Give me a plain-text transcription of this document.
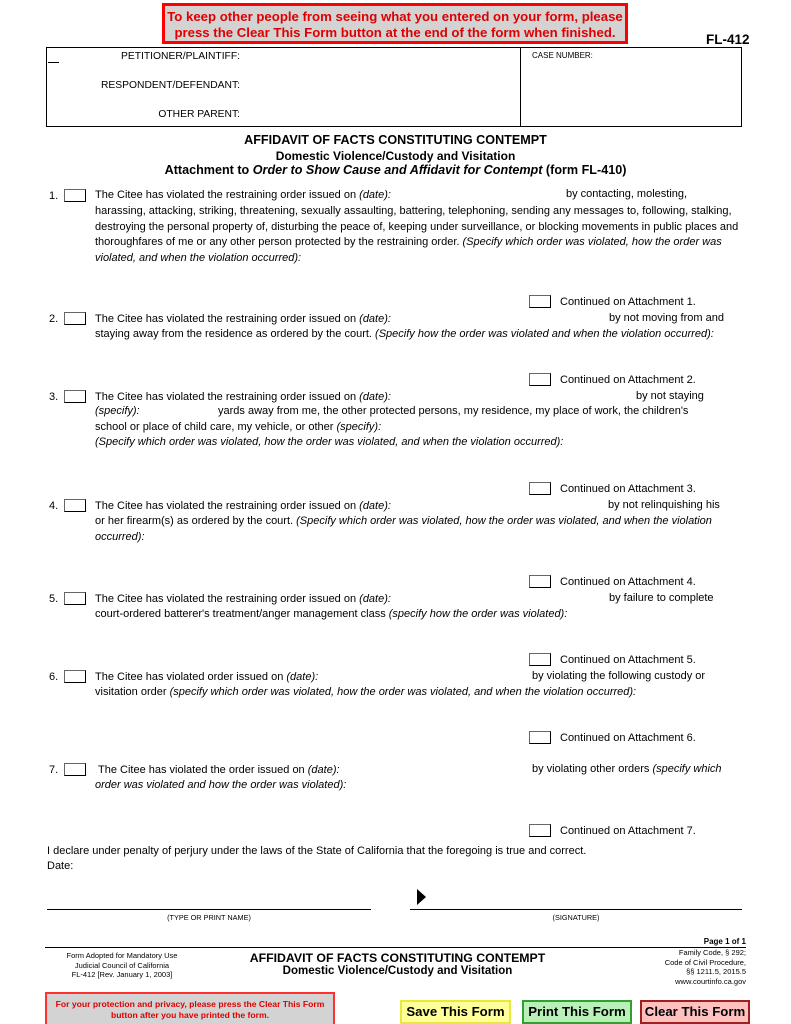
To keep other people from seeing what you entered on your form, please
press the Clear This Form button at the end of the form when finished.	FL-412
PETITIONER/PLAINTIFF:
RESPONDENT/DEFENDANT:
OTHER PARENT:
CASE NUMBER:
AFFIDAVIT OF FACTS CONSTITUTING CONTEMPT
Domestic Violence/Custody and Visitation
Attachment to Order to Show Cause and Affidavit for Contempt (form FL-410)
1.	The Citee has violated the restraining order issued on (date):	by contacting, molesting,
harassing, attacking, striking, threatening, sexually assaulting, battering, telephoning, sending any messages to, following, stalking, destroying the personal property of, disturbing the peace of, keeping under surveillance, or blocking movements in public places and thoroughfares of me or any other person protected by the restraining order. (Specify which order was violated, how the order was violated, and when the violation occurred):
Continued on Attachment 1.
2.	The Citee has violated the restraining order issued on (date):	by not moving from and
staying away from the residence as ordered by the court. (Specify how the order was violated and when the violation occurred):
Continued on Attachment 2.
3.	The Citee has violated the restraining order issued on (date):	by not staying
(specify):	yards away from me, the other protected persons, my residence, my place of work, the children's
school or place of child care, my vehicle, or other (specify):
(Specify which order was violated, how the order was violated, and when the violation occurred):
Continued on Attachment 3.
4.	The Citee has violated the restraining order issued on (date):	by not relinquishing his
or her firearm(s) as ordered by the court. (Specify which order was violated, how the order was violated, and when the violation occurred):
Continued on Attachment 4.
5.	The Citee has violated the restraining order issued on (date):	by failure to complete
court-ordered batterer's treatment/anger management class (specify how the order was violated):
Continued on Attachment 5.
6.	The Citee has violated order issued on (date):	by violating the following custody or
visitation order (specify which order was violated, how the order was violated, and when the violation occurred):
Continued on Attachment 6.
7.	The Citee has violated the order issued on (date):	by violating other orders (specify which
order was violated and how the order was violated):
Continued on Attachment 7.
I declare under penalty of perjury under the laws of the State of California that the foregoing is true and correct.
Date:
(TYPE OR PRINT NAME)	(SIGNATURE)
Page 1 of 1
Form Adopted for Mandatory Use
Judicial Council of California
FL-412 [Rev. January 1, 2003]
AFFIDAVIT OF FACTS CONSTITUTING CONTEMPT
Domestic Violence/Custody and Visitation
Family Code, § 292;
Code of Civil Procedure,
§§ 1211.5, 2015.5
www.courtinfo.ca.gov
For your protection and privacy, please press the Clear This Form
button after you have printed the form.	Save This Form	Print This Form	Clear This Form
